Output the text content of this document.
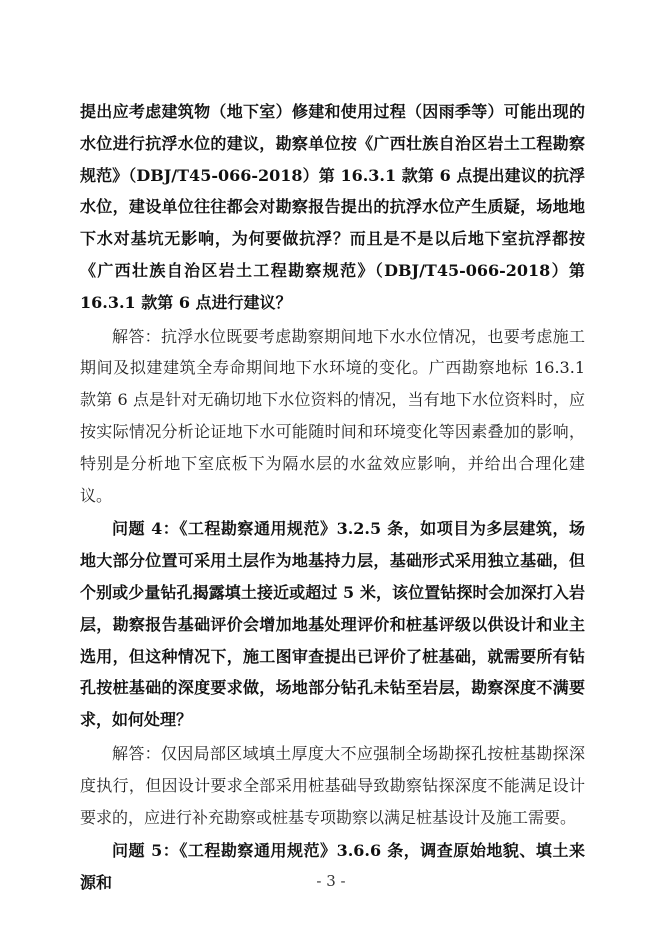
提出应考虑建筑物（地下室）修建和使用过程（因雨季等）可能出现的水位进行抗浮水位的建议，勘察单位按《广西壮族自治区岩土工程勘察规范》（DBJ/T45-066-2018）第 16.3.1 款第 6 点提出建议的抗浮水位，建设单位往往都会对勘察报告提出的抗浮水位产生质疑，场地地下水对基坑无影响，为何要做抗浮？而且是不是以后地下室抗浮都按《广西壮族自治区岩土工程勘察规范》（DBJ/T45-066-2018）第 16.3.1 款第 6 点进行建议？

解答：抗浮水位既要考虑勘察期间地下水水位情况，也要考虑施工期间及拟建建筑全寿命期间地下水环境的变化。广西勘察地标 16.3.1 款第 6 点是针对无确切地下水位资料的情况，当有地下水位资料时，应按实际情况分析论证地下水可能随时间和环境变化等因素叠加的影响，特别是分析地下室底板下为隔水层的水盆效应影响，并给出合理化建议。

问题 4：《工程勘察通用规范》3.2.5 条，如项目为多层建筑，场地大部分位置可采用土层作为地基持力层，基础形式采用独立基础，但个别或少量钻孔揭露填土接近或超过 5 米，该位置钻探时会加深打入岩层，勘察报告基础评价会增加地基处理评价和桩基评级以供设计和业主选用，但这种情况下，施工图审查提出已评价了桩基础，就需要所有钻孔按桩基础的深度要求做，场地部分钻孔未钻至岩层，勘察深度不满要求，如何处理？

解答：仅因局部区域填土厚度大不应强制全场勘探孔按桩基勘探深度执行，但因设计要求全部采用桩基础导致勘察钻探深度不能满足设计要求的，应进行补充勘察或桩基专项勘察以满足桩基设计及施工需要。

问题 5：《工程勘察通用规范》3.6.6 条，调查原始地貌、填土来源和	- 3 -
